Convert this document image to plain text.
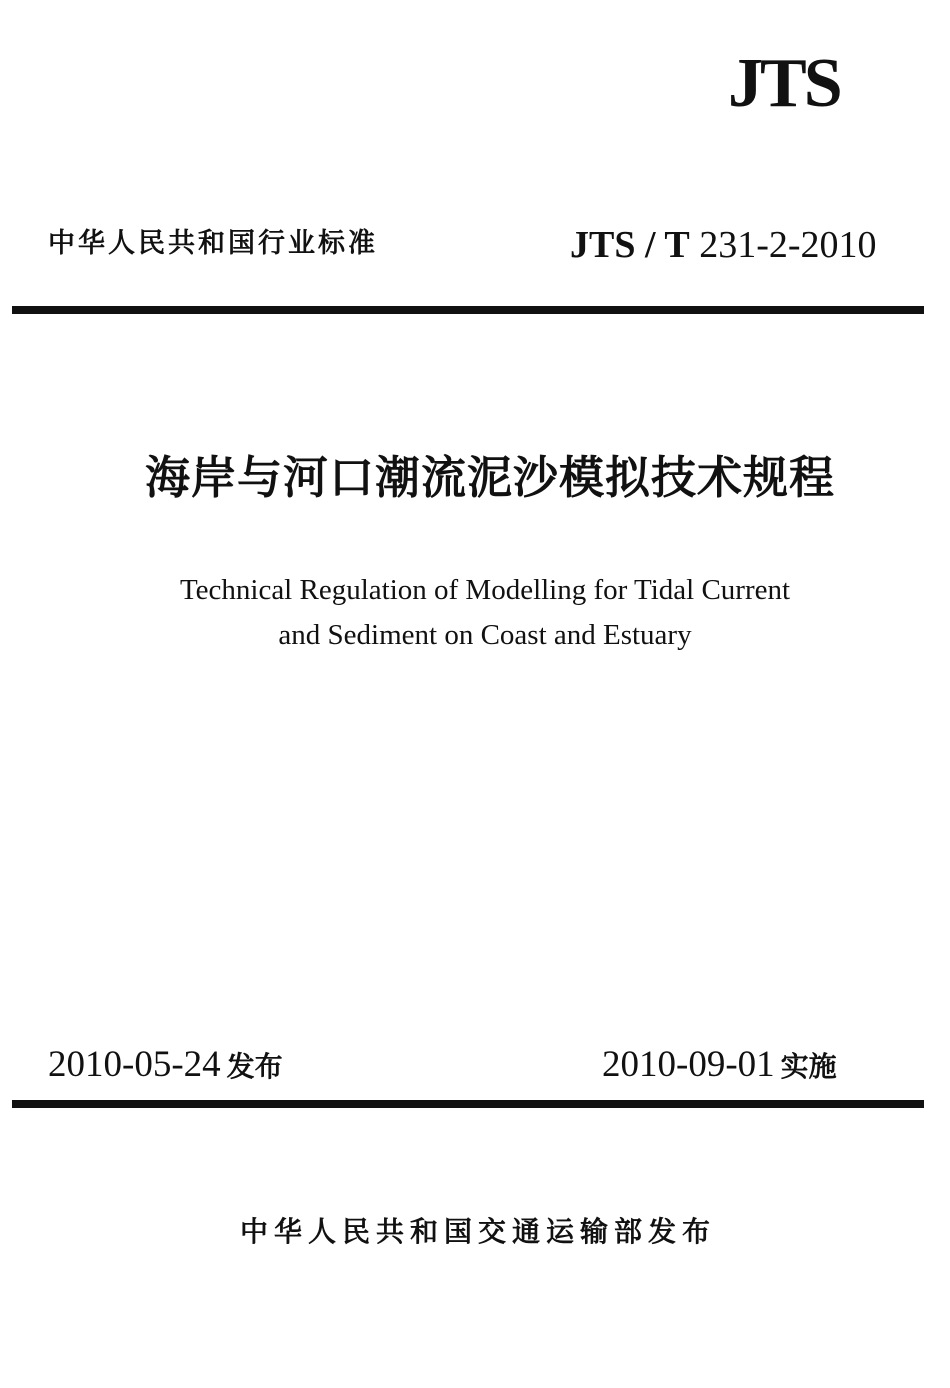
JTS
中华人民共和国行业标准	JTS / T 231-2-2010
海岸与河口潮流泥沙模拟技术规程
Technical Regulation of Modelling for Tidal Current
and Sediment on Coast and Estuary
2010-05-24 发布	2010-09-01 实施
中华人民共和国交通运输部发布
